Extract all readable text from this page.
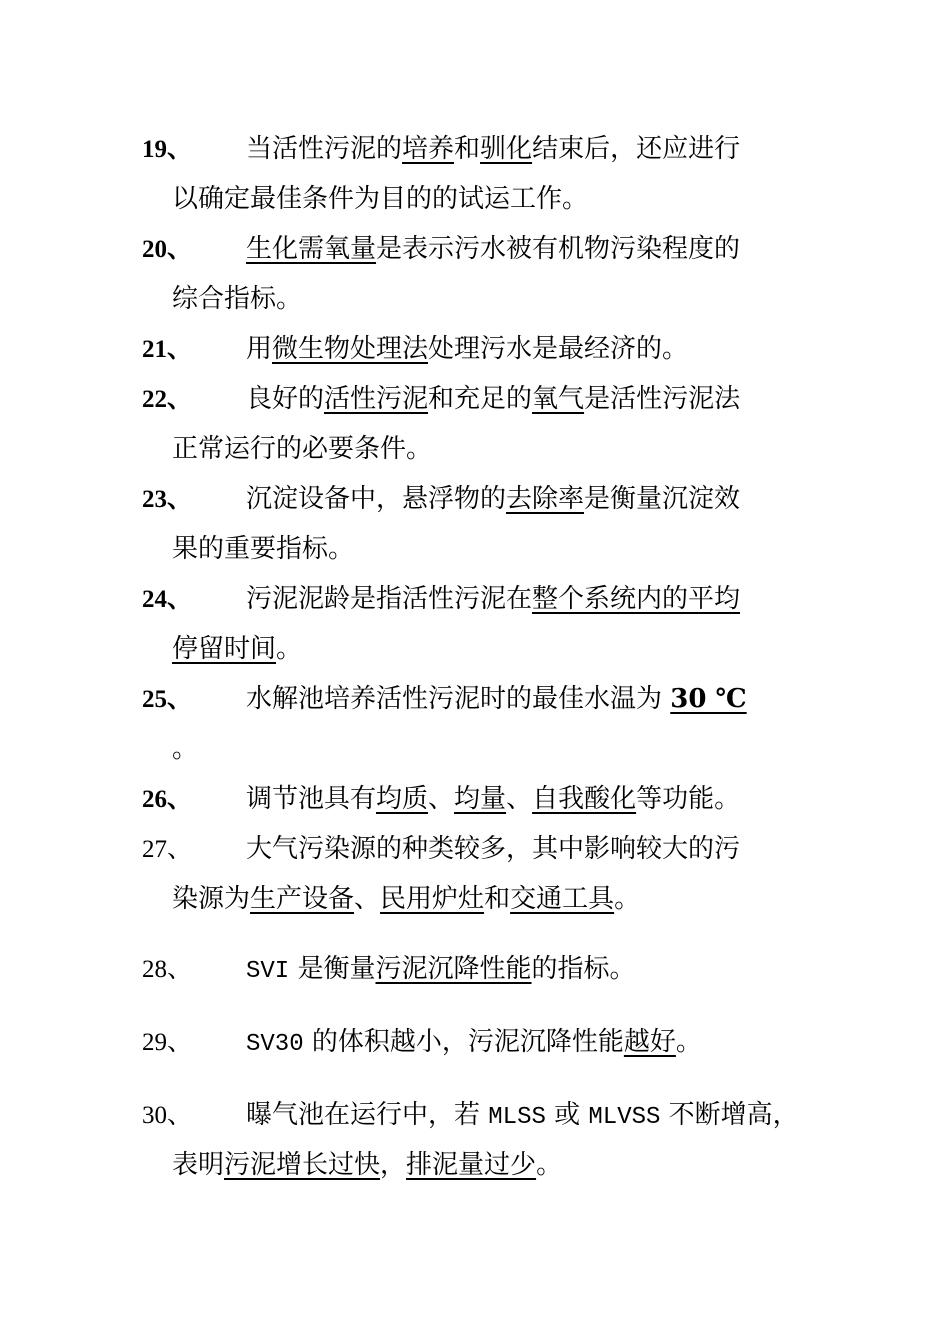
19、 当活性污泥的培养和驯化结束后，还应进行
以确定最佳条件为目的的试运工作。
20、 生化需氧量是表示污水被有机物污染程度的
综合指标。
21、 用微生物处理法处理污水是最经济的。
22、 良好的活性污泥和充足的氧气是活性污泥法
正常运行的必要条件。
23、 沉淀设备中，悬浮物的去除率是衡量沉淀效
果的重要指标。
24、 污泥泥龄是指活性污泥在整个系统内的平均
停留时间。
25、 水解池培养活性污泥时的最佳水温为 30 ℃
。
26、 调节池具有均质、均量、自我酸化等功能。
27、 大气污染源的种类较多，其中影响较大的污
染源为生产设备、民用炉灶和交通工具。
28、 SVI 是衡量污泥沉降性能的指标。
29、 SV30 的体积越小，污泥沉降性能越好。
30、 曝气池在运行中，若 MLSS 或 MLVSS 不断增高，
表明污泥增长过快，排泥量过少。
